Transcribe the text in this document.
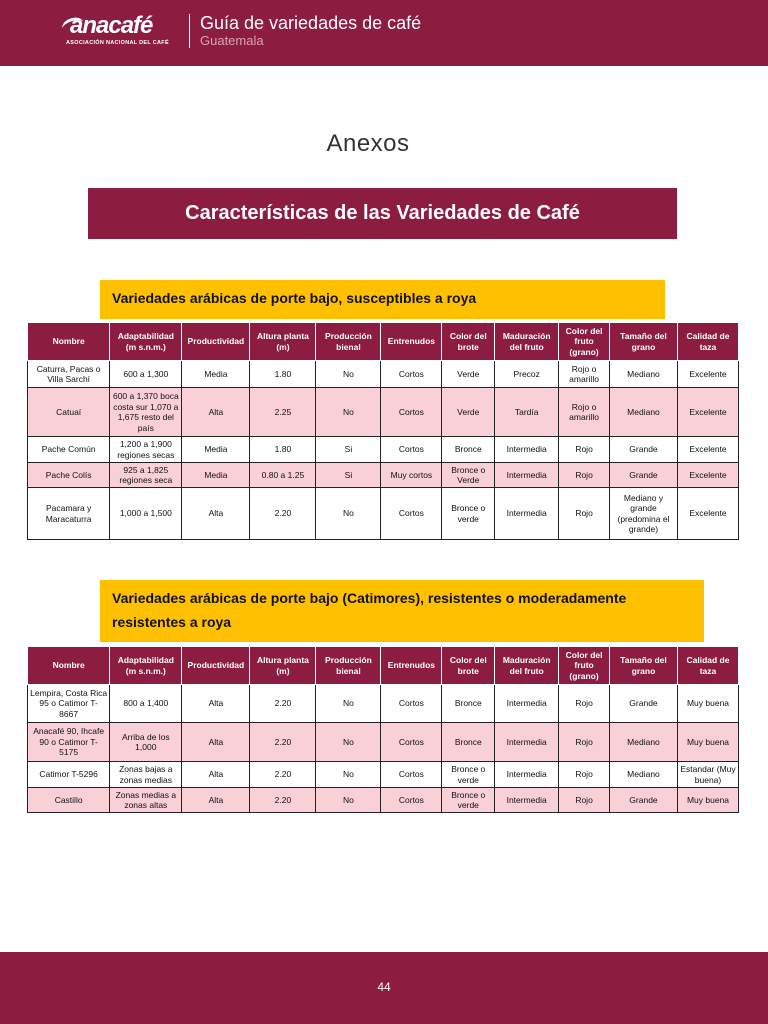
anacafé
ASOCIACIÓN NACIONAL DEL CAFÉ
Guía de variedades de café
Guatemala
Anexos
Características de las Variedades de Café
Variedades arábicas de porte bajo, susceptibles a roya
Nombre	Adaptabilidad (m s.n.m.)	Productividad	Altura planta (m)	Producción bienal	Entrenudos	Color del brote	Maduración del fruto	Color del fruto (grano)	Tamaño del grano	Calidad de taza
Caturra, Pacas o Villa Sarchí	600 a 1,300	Media	1.80	No	Cortos	Verde	Precoz	Rojo o amarillo	Mediano	Excelente
Catuaí	600 a 1,370 boca costa sur 1,070 a 1,675 resto del país	Alta	2.25	No	Cortos	Verde	Tardía	Rojo o amarillo	Mediano	Excelente
Pache Común	1,200 a 1,900 regiones secas	Media	1.80	Si	Cortos	Bronce	Intermedia	Rojo	Grande	Excelente
Pache Colís	925 a 1,825 regiones seca	Media	0.80 a 1.25	Si	Muy cortos	Bronce o Verde	Intermedia	Rojo	Grande	Excelente
Pacamara y Maracaturra	1,000 a 1,500	Alta	2.20	No	Cortos	Bronce o verde	Intermedia	Rojo	Mediano y grande (predomina el grande)	Excelente
Variedades arábicas de porte bajo (Catimores), resistentes o moderadamente
resistentes a roya
Nombre	Adaptabilidad (m s.n.m.)	Productividad	Altura planta (m)	Producción bienal	Entrenudos	Color del brote	Maduración del fruto	Color del fruto (grano)	Tamaño del grano	Calidad de taza
Lempira, Costa Rica 95 o Catimor T-8667	800 a 1,400	Alta	2.20	No	Cortos	Bronce	Intermedia	Rojo	Grande	Muy buena
Anacafé 90, Ihcafe 90 o Catimor T-5175	Arriba de los 1,000	Alta	2.20	No	Cortos	Bronce	Intermedia	Rojo	Mediano	Muy buena
Catimor T-5296	Zonas bajas a zonas medias	Alta	2.20	No	Cortos	Bronce o verde	Intermedia	Rojo	Mediano	Estandar (Muy buena)
Castillo	Zonas medias a zonas altas	Alta	2.20	No	Cortos	Bronce o verde	Intermedia	Rojo	Grande	Muy buena
44
